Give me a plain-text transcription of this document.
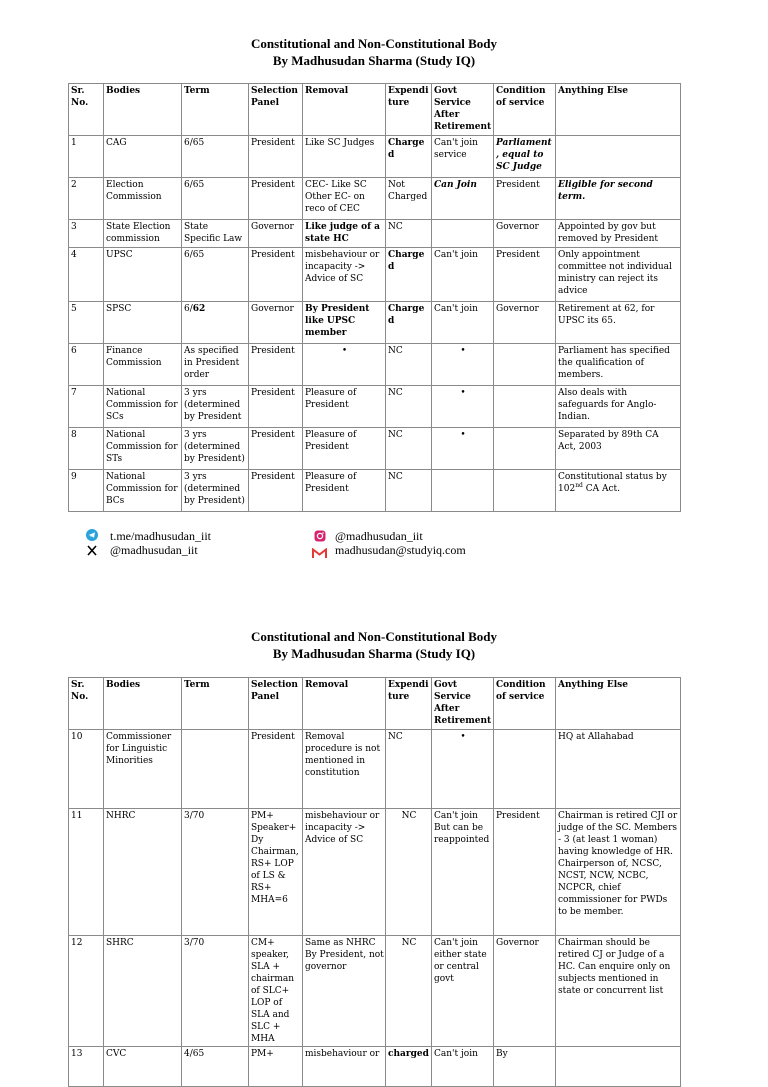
Constitutional and Non-Constitutional Body
By Madhusudan Sharma (Study IQ)
Sr. No.	Bodies	Term	Selection Panel	Removal	Expenditure	Govt Service After Retirement	Condition of service	Anything Else
1	CAG	6/65	President	Like SC Judges	Charged	Can't join service	Parliament, equal to SC Judge	
2	Election Commission	6/65	President	CEC- Like SC Other EC- on reco of CEC	Not Charged	Can Join	President	Eligible for second term.
3	State Election commission	State Specific Law	Governor	Like judge of a state HC	NC		Governor	Appointed by gov but removed by President
4	UPSC	6/65	President	misbehaviour or incapacity -> Advice of SC	Charged	Can't join	President	Only appointment committee not individual ministry can reject its advice
5	SPSC	6/62	Governor	By President like UPSC member	Charged	Can't join	Governor	Retirement at 62, for UPSC its 65.
6	Finance Commission	As specified in President order	President	•	NC	•		Parliament has specified the qualification of members.
7	National Commission for SCs	3 yrs (determined by President	President	Pleasure of President	NC	•		Also deals with safeguards for Anglo-Indian.
8	National Commission for STs	3 yrs (determined by President)	President	Pleasure of President	NC	•		Separated by 89th CA Act, 2003
9	National Commission for BCs	3 yrs (determined by President)	President	Pleasure of President	NC			Constitutional status by 102nd CA Act.
t.me/madhusudan_iit
@madhusudan_iit
@madhusudan_iit
madhusudan@studyiq.com
Constitutional and Non-Constitutional Body
By Madhusudan Sharma (Study IQ)
Sr. No.	Bodies	Term	Selection Panel	Removal	Expenditure	Govt Service After Retirement	Condition of service	Anything Else
10	Commissioner for Linguistic Minorities		President	Removal procedure is not mentioned in constitution	NC	•		HQ at Allahabad
11	NHRC	3/70	PM+ Speaker+ Dy Chairman, RS+ LOP of LS & RS+ MHA=6	misbehaviour or incapacity -> Advice of SC	NC	Can't join But can be reappointed	President	Chairman is retired CJI or judge of the SC. Members - 3 (at least 1 woman) having knowledge of HR. Chairperson of, NCSC, NCST, NCW, NCBC, NCPCR, chief commissioner for PWDs to be member.
12	SHRC	3/70	CM+ speaker, SLA + chairman of SLC+ LOP of SLA and SLC + MHA	Same as NHRC By President, not governor	NC	Can't join either state or central govt	Governor	Chairman should be retired CJ or Judge of a HC. Can enquire only on subjects mentioned in state or concurrent list
13	CVC	4/65	PM+	misbehaviour or	charged	Can't join	By	
